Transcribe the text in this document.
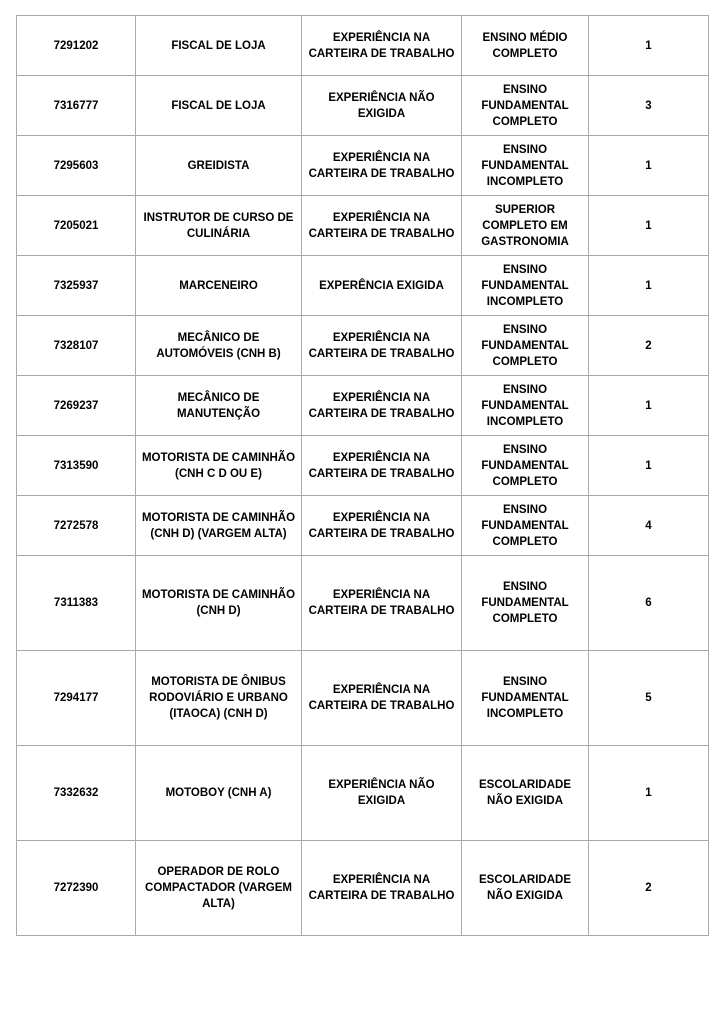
7291202	FISCAL DE LOJA	EXPERIÊNCIA NA CARTEIRA DE TRABALHO	ENSINO MÉDIO COMPLETO	1
7316777	FISCAL DE LOJA	EXPERIÊNCIA NÃO EXIGIDA	ENSINO FUNDAMENTAL COMPLETO	3
7295603	GREIDISTA	EXPERIÊNCIA NA CARTEIRA DE TRABALHO	ENSINO FUNDAMENTAL INCOMPLETO	1
7205021	INSTRUTOR DE CURSO DE CULINÁRIA	EXPERIÊNCIA NA CARTEIRA DE TRABALHO	SUPERIOR COMPLETO EM GASTRONOMIA	1
7325937	MARCENEIRO	EXPERÊNCIA EXIGIDA	ENSINO FUNDAMENTAL INCOMPLETO	1
7328107	MECÂNICO DE AUTOMÓVEIS (CNH B)	EXPERIÊNCIA NA CARTEIRA DE TRABALHO	ENSINO FUNDAMENTAL COMPLETO	2
7269237	MECÂNICO DE MANUTENÇÃO	EXPERIÊNCIA NA CARTEIRA DE TRABALHO	ENSINO FUNDAMENTAL INCOMPLETO	1
7313590	MOTORISTA DE CAMINHÃO (CNH C D OU E)	EXPERIÊNCIA NA CARTEIRA DE TRABALHO	ENSINO FUNDAMENTAL COMPLETO	1
7272578	MOTORISTA DE CAMINHÃO (CNH D) (VARGEM ALTA)	EXPERIÊNCIA NA CARTEIRA DE TRABALHO	ENSINO FUNDAMENTAL COMPLETO	4
7311383	MOTORISTA DE CAMINHÃO (CNH D)	EXPERIÊNCIA NA CARTEIRA DE TRABALHO	ENSINO FUNDAMENTAL COMPLETO	6
7294177	MOTORISTA DE ÔNIBUS RODOVIÁRIO E URBANO (ITAOCA) (CNH D)	EXPERIÊNCIA NA CARTEIRA DE TRABALHO	ENSINO FUNDAMENTAL INCOMPLETO	5
7332632	MOTOBOY (CNH A)	EXPERIÊNCIA NÃO EXIGIDA	ESCOLARIDADE NÃO EXIGIDA	1
7272390	OPERADOR DE ROLO COMPACTADOR (VARGEM ALTA)	EXPERIÊNCIA NA CARTEIRA DE TRABALHO	ESCOLARIDADE NÃO EXIGIDA	2
